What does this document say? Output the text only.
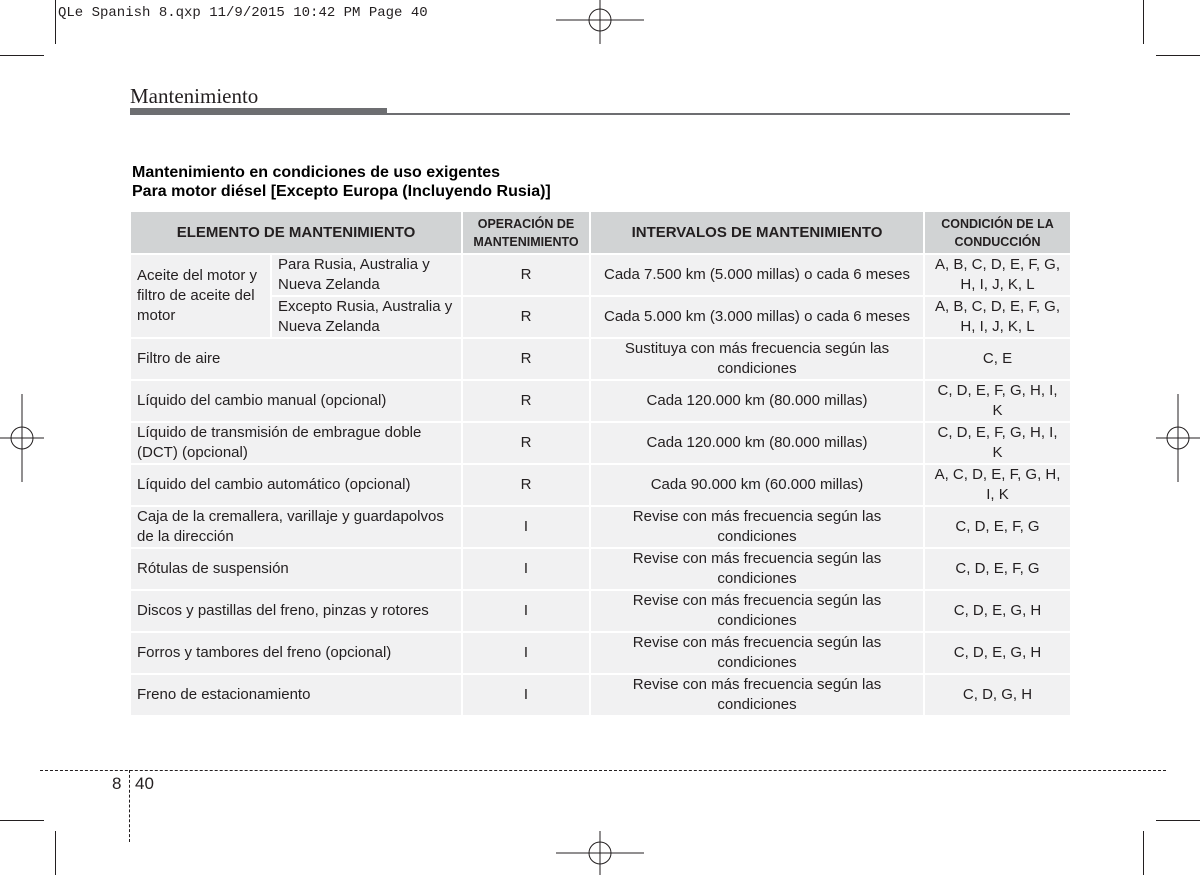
QLe Spanish 8.qxp 11/9/2015 10:42 PM Page 40
Mantenimiento
Mantenimiento en condiciones de uso exigentes
Para motor diésel [Excepto Europa (Incluyendo Rusia)]
ELEMENTO DE MANTENIMIENTO		OPERACIÓN DE MANTENIMIENTO	INTERVALOS DE MANTENIMIENTO	CONDICIÓN DE LA CONDUCCIÓN
Aceite del motor y filtro de aceite del motor	Para Rusia, Australia y Nueva Zelanda	R	Cada 7.500 km (5.000 millas) o cada 6 meses	A, B, C, D, E, F, G, H, I, J, K, L
	Excepto Rusia, Australia y Nueva Zelanda	R	Cada 5.000 km (3.000 millas) o cada 6 meses	A, B, C, D, E, F, G, H, I, J, K, L
Filtro de aire		R	Sustituya con más frecuencia según las condiciones	C, E
Líquido del cambio manual (opcional)		R	Cada 120.000 km (80.000 millas)	C, D, E, F, G, H, I, K
Líquido de transmisión de embrague doble (DCT) (opcional)		R	Cada 120.000 km (80.000 millas)	C, D, E, F, G, H, I, K
Líquido del cambio automático (opcional)		R	Cada 90.000 km (60.000 millas)	A, C, D, E, F, G, H, I, K
Caja de la cremallera, varillaje y guardapolvos de la dirección		I	Revise con más frecuencia según las condiciones	C, D, E, F, G
Rótulas de suspensión		I	Revise con más frecuencia según las condiciones	C, D, E, F, G
Discos y pastillas del freno, pinzas y rotores		I	Revise con más frecuencia según las condiciones	C, D, E, G, H
Forros y tambores del freno (opcional)		I	Revise con más frecuencia según las condiciones	C, D, E, G, H
Freno de estacionamiento		I	Revise con más frecuencia según las condiciones	C, D, G, H
8 40
